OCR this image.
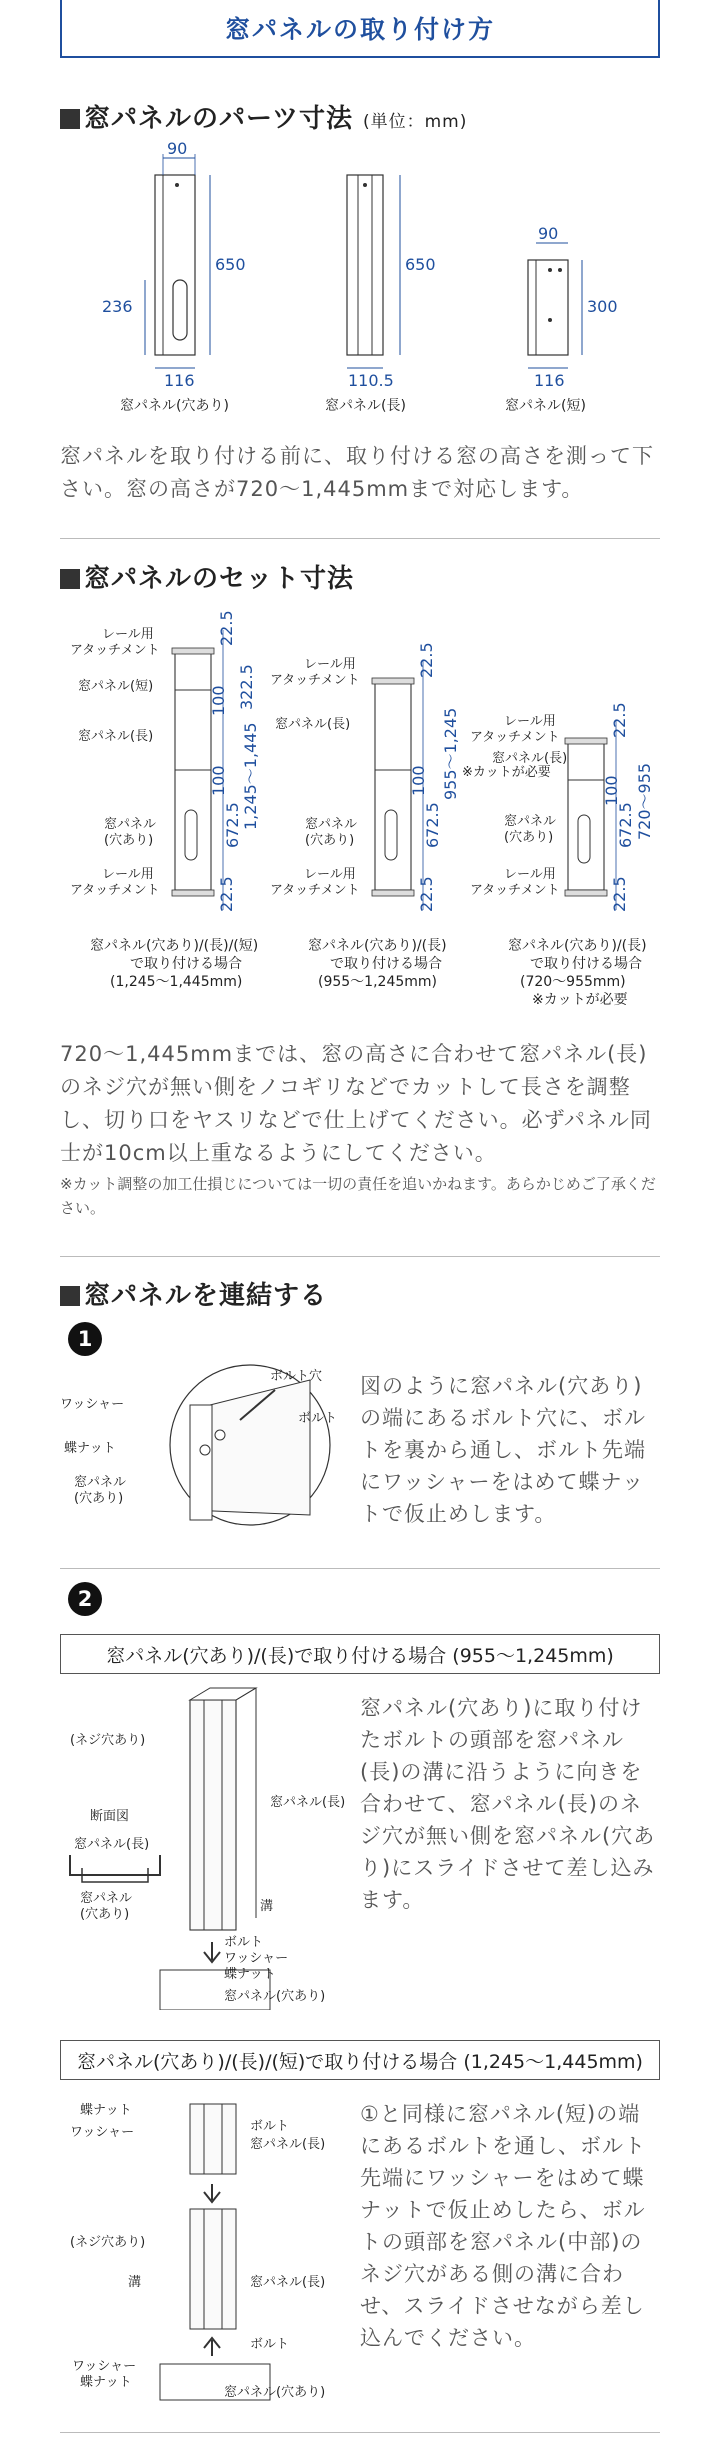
窓パネルの取り付け方
窓パネルのパーツ寸法 (単位：mm)
90
650
236
116
窓パネル(穴あり)
650
110.5
窓パネル(長)
90
300
116
窓パネル(短)
窓パネルを取り付ける前に、取り付ける窓の高さを測って下さい。窓の高さが720〜1,445mmまで対応します。
窓パネルのセット寸法
レール用
アタッチメント
窓パネル(短)
窓パネル(長)
窓パネル
(穴あり)
レール用
アタッチメント
22.5
322.5
100
100
672.5 1,245〜1,445
22.5
窓パネル(穴あり)/(長)/(短)
で取り付ける場合
(1,245〜1,445mm)
レール用
アタッチメント
窓パネル(長)
窓パネル
(穴あり)
レール用
アタッチメント
22.5
100
672.5
955〜1,245
22.5
窓パネル(穴あり)/(長)
で取り付ける場合
(955〜1,245mm)
レール用
アタッチメント
窓パネル(長)
※カットが必要
窓パネル
(穴あり)
レール用
アタッチメント
22.5
100
672.5 720〜955
22.5
窓パネル(穴あり)/(長)
で取り付ける場合
(720〜955mm)
※カットが必要
720〜1,445mmまでは、窓の高さに合わせて窓パネル(長)のネジ穴が無い側をノコギリなどでカットして長さを調整し、切り口をヤスリなどで仕上げてください。必ずパネル同士が10cm以上重なるようにしてください。
※カット調整の加工仕損じについては一切の責任を追いかねます。あらかじめご了承ください。
窓パネルを連結する
1
ボルト穴
ボルト
ワッシャー
蝶ナット
窓パネル
(穴あり)
図のように窓パネル(穴あり)の端にあるボルト穴に、ボルトを裏から通し、ボルト先端にワッシャーをはめて蝶ナットで仮止めします。
2
窓パネル(穴あり)/(長)で取り付ける場合 (955〜1,245mm)
(ネジ穴あり)
窓パネル(長)
断面図
窓パネル(長)
窓パネル
(穴あり)
溝
ボルト
ワッシャー
蝶ナット
窓パネル(穴あり)
窓パネル(穴あり)に取り付けたボルトの頭部を窓パネル(長)の溝に沿うように向きを合わせて、窓パネル(長)のネジ穴が無い側を窓パネル(穴あり)にスライドさせて差し込みます。
窓パネル(穴あり)/(長)/(短)で取り付ける場合 (1,245〜1,445mm)
蝶ナット
ワッシャー	ボルト
窓パネル(長)
(ネジ穴あり)
溝	窓パネル(長)
ワッシャー
蝶ナット
ボルト
窓パネル(穴あり)
①と同様に窓パネル(短)の端にあるボルトを通し、ボルト先端にワッシャーをはめて蝶ナットで仮止めしたら、ボルトの頭部を窓パネル(中部)のネジ穴がある側の溝に合わせ、スライドさせながら差し込んでください。
